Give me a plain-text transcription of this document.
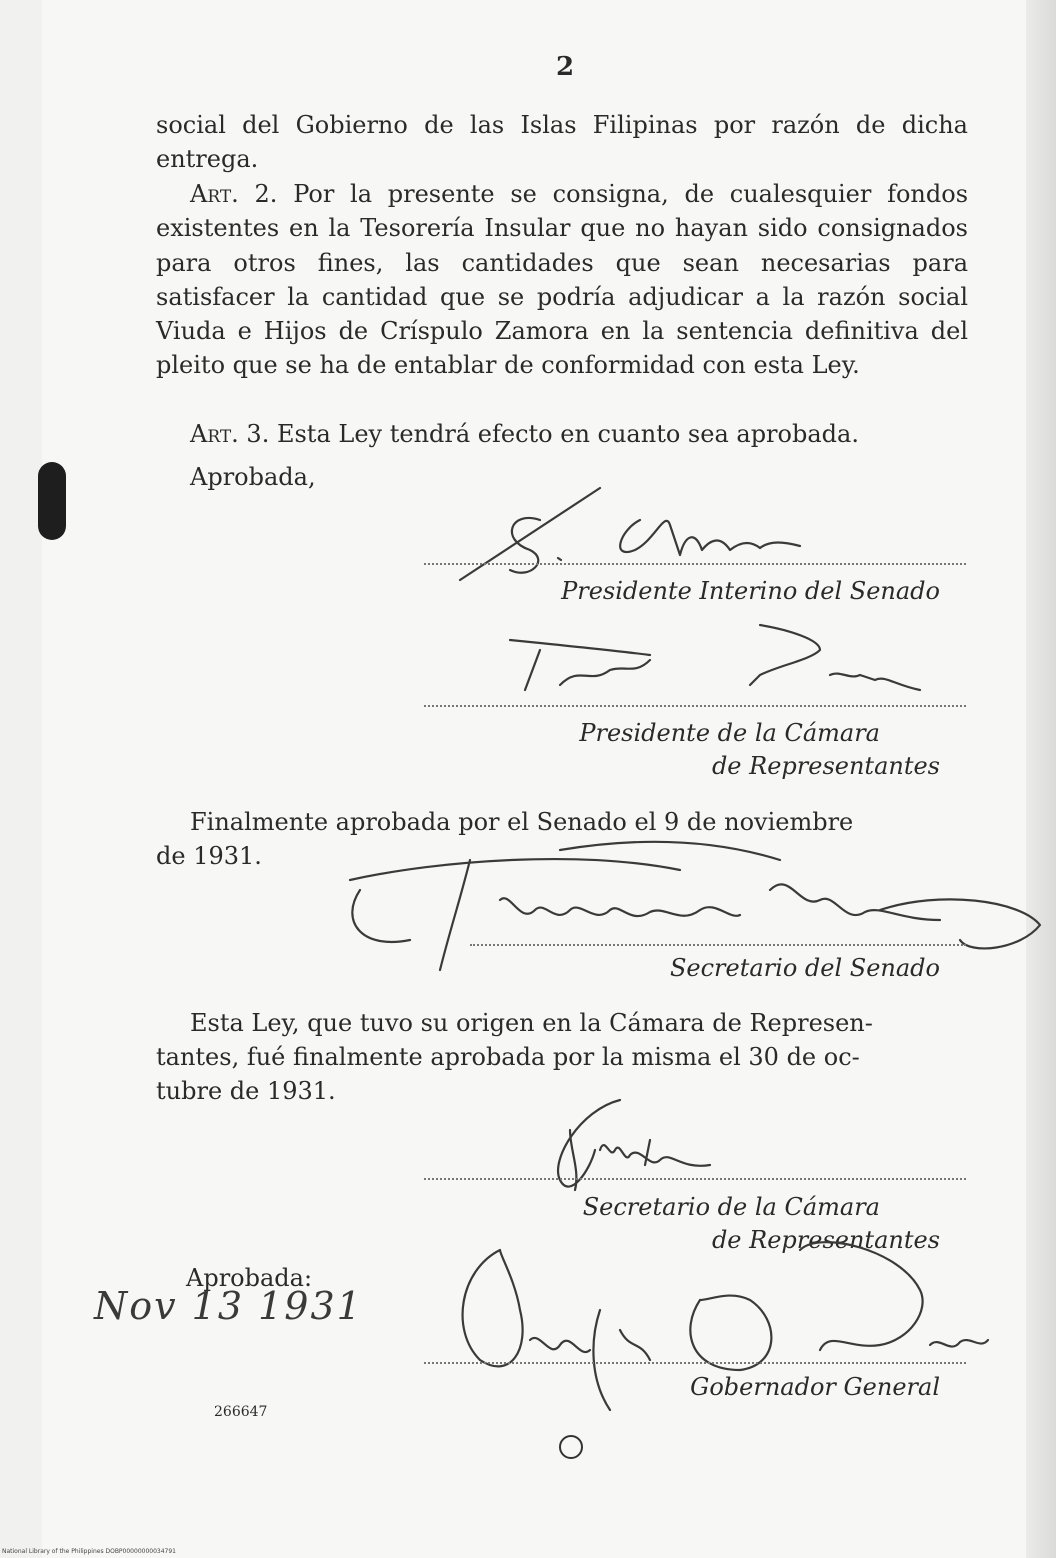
2

social del Gobierno de las Islas Filipinas por razón de dicha entrega.

Art. 2. Por la presente se consigna, de cualesquier fondos existentes en la Tesorería Insular que no hayan sido consignados para otros fines, las cantidades que sean necesarias para satisfacer la cantidad que se podría adjudicar a la razón social Viuda e Hijos de Críspulo Zamora en la sentencia definitiva del pleito que se ha de entablar de conformidad con esta Ley.

Art. 3. Esta Ley tendrá efecto en cuanto sea aprobada.

Aprobada,
Presidente Interino del Senado
Presidente de la Cámara
de Representantes
Finalmente aprobada por el Senado el 9 de noviembre
de 1931.
Secretario del Senado
Esta Ley, que tuvo su origen en la Cámara de Represen-
tantes, fué finalmente aprobada por la misma el 30 de oc-
tubre de 1931.
Secretario de la Cámara
de Representantes
Aprobada:
Nov 13 1931
Gobernador General
266647
National Library of the Philippines DOBP00000000034791
